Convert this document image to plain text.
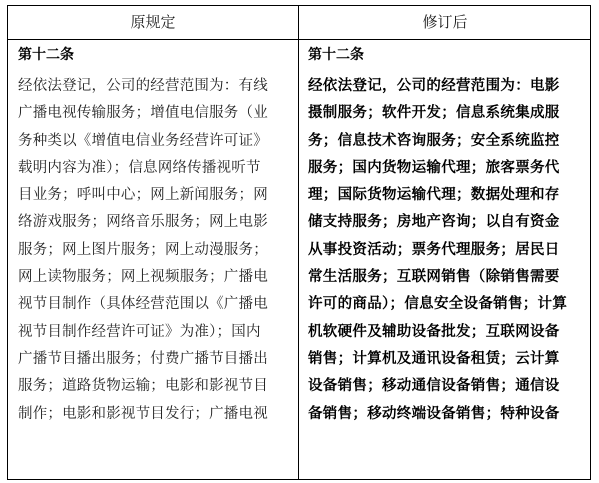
原规定	修订后
第十二条
经依法登记，公司的经营范围为：有线
广播电视传输服务；增值电信服务（业
务种类以《增值电信业务经营许可证》
载明内容为准）；信息网络传播视听节
目业务；呼叫中心；网上新闻服务；网
络游戏服务；网络音乐服务；网上电影
服务；网上图片服务；网上动漫服务；
网上读物服务；网上视频服务；广播电
视节目制作（具体经营范围以《广播电
视节目制作经营许可证》为准）；国内
广播节目播出服务；付费广播节目播出
服务；道路货物运输；电影和影视节目
制作；电影和影视节目发行；广播电视
第十二条
经依法登记，公司的经营范围为：电影
摄制服务；软件开发；信息系统集成服
务；信息技术咨询服务；安全系统监控
服务；国内货物运输代理；旅客票务代
理；国际货物运输代理；数据处理和存
储支持服务；房地产咨询；以自有资金
从事投资活动；票务代理服务；居民日
常生活服务；互联网销售（除销售需要
许可的商品）；信息安全设备销售；计算
机软硬件及辅助设备批发；互联网设备
销售；计算机及通讯设备租赁；云计算
设备销售；移动通信设备销售；通信设
备销售；移动终端设备销售；特种设备
